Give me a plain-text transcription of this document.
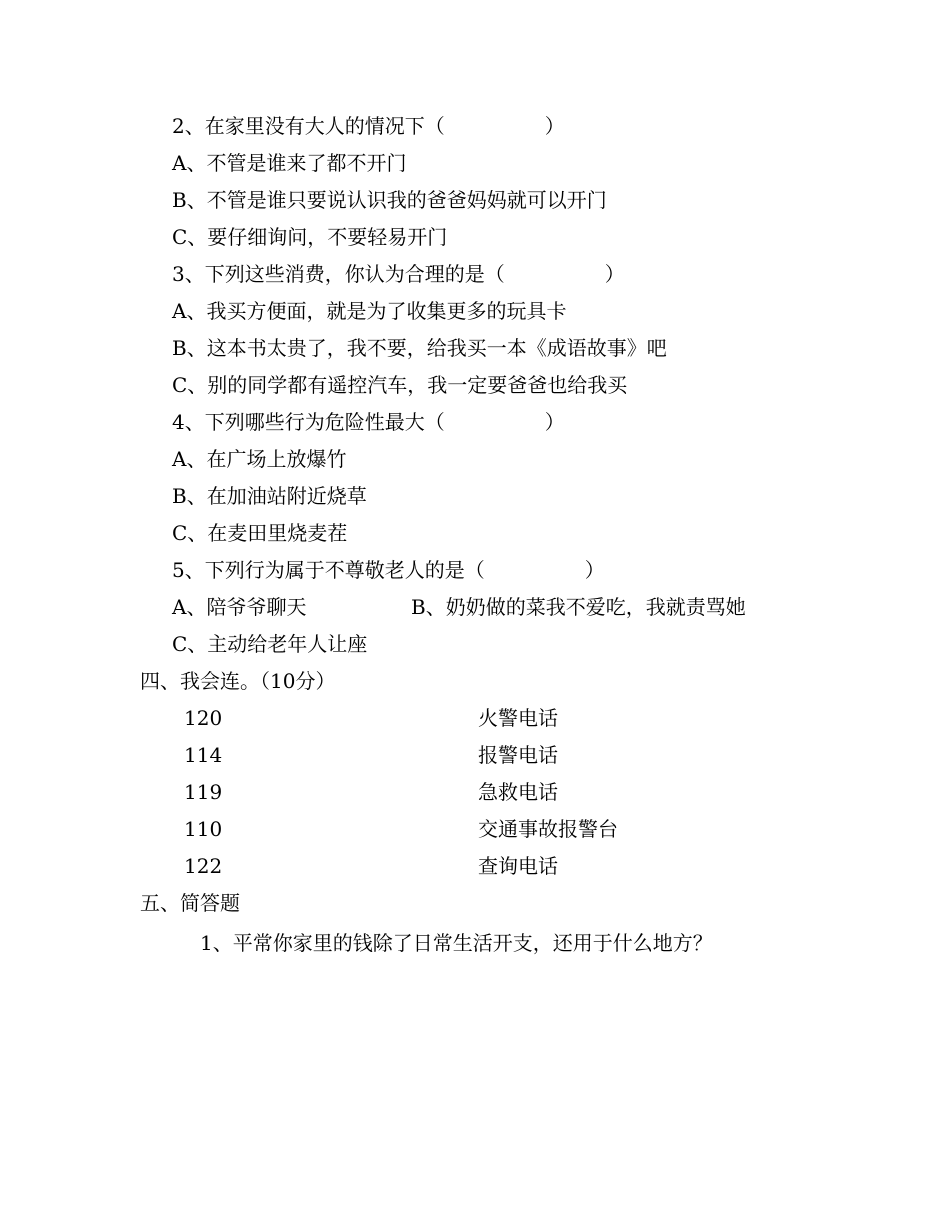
2、在家里没有大人的情况下（　　　　　）
A、不管是谁来了都不开门
B、不管是谁只要说认识我的爸爸妈妈就可以开门
C、要仔细询问，不要轻易开门
3、下列这些消费，你认为合理的是（　　　　　）
A、我买方便面，就是为了收集更多的玩具卡
B、这本书太贵了，我不要，给我买一本《成语故事》吧
C、别的同学都有遥控汽车，我一定要爸爸也给我买
4、下列哪些行为危险性最大（　　　　　）
A、在广场上放爆竹
B、在加油站附近烧草
C、在麦田里烧麦茬
5、下列行为属于不尊敬老人的是（　　　　　）
A、陪爷爷聊天	B、奶奶做的菜我不爱吃，我就责骂她
C、主动给老年人让座
四、我会连。（10分）
120	火警电话
114	报警电话
119	急救电话
110	交通事故报警台
122	查询电话
五、简答题
1、平常你家里的钱除了日常生活开支，还用于什么地方？
